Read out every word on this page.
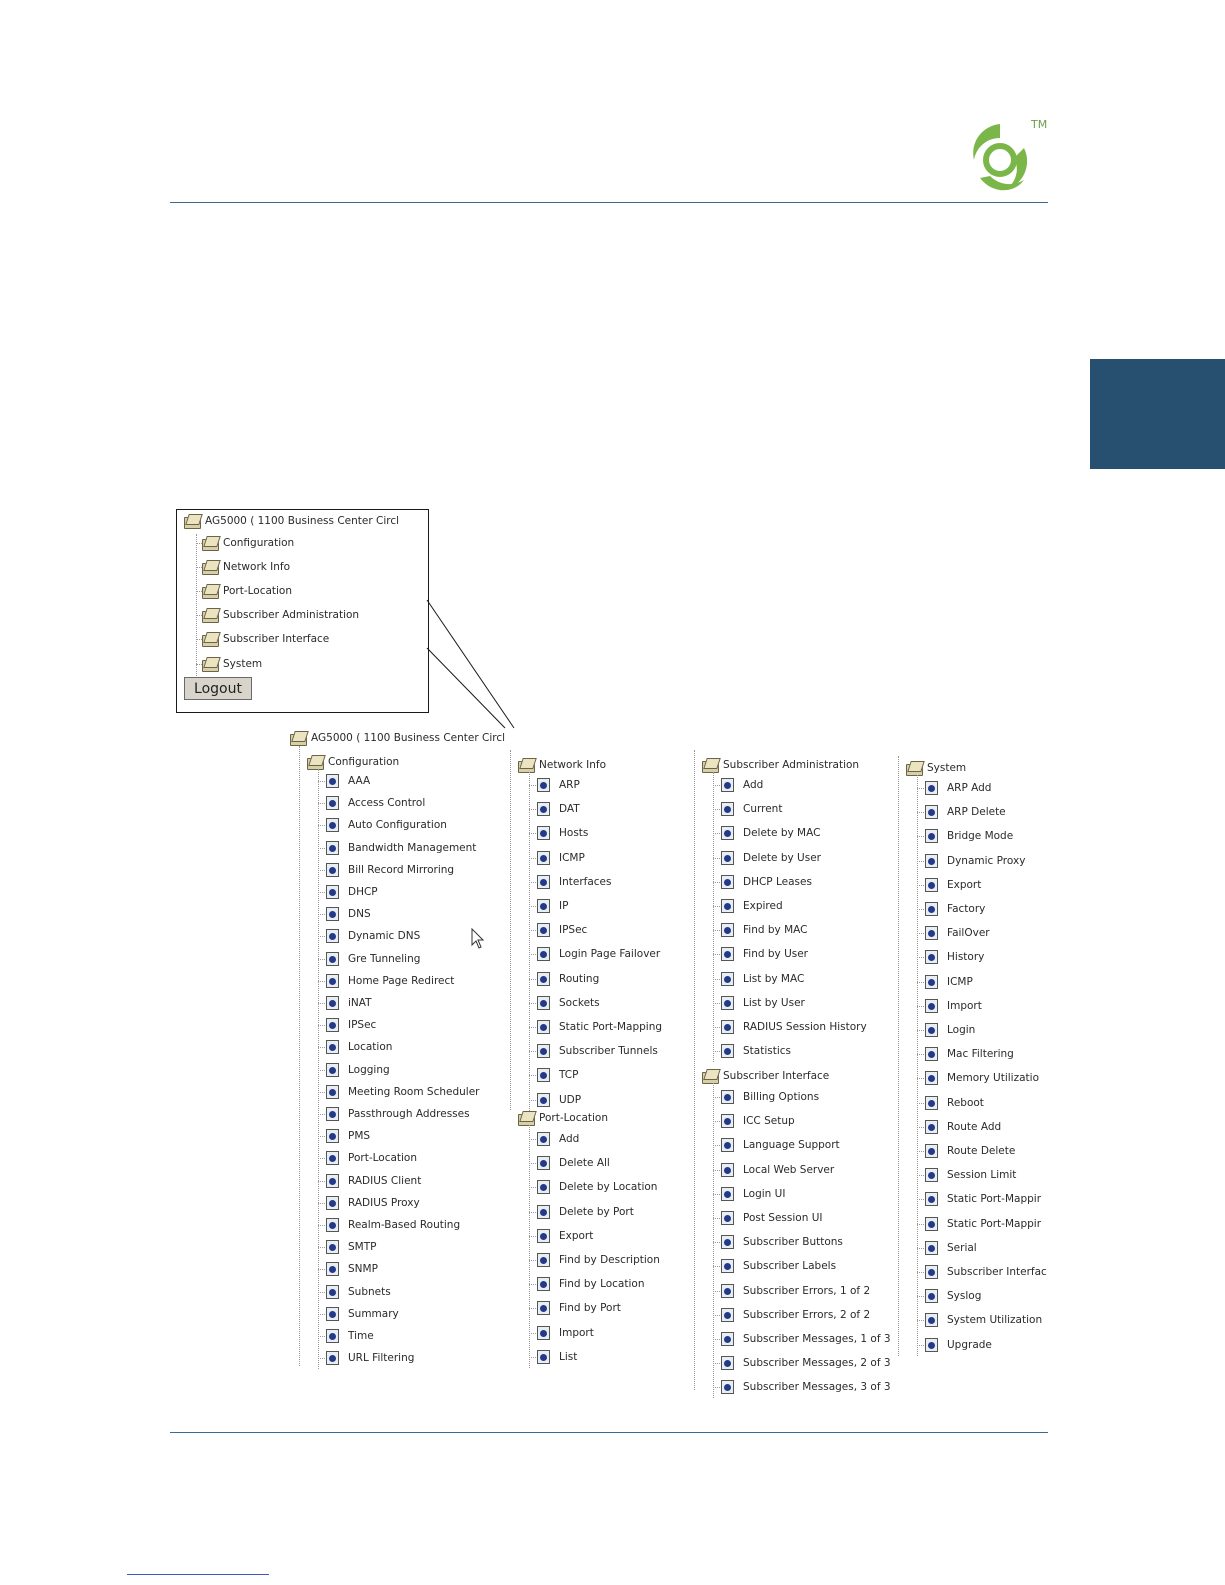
TM
AG5000 ( 1100 Business Center Circl
Configuration
Network Info
Port-Location
Subscriber Administration
Subscriber Interface
System
Logout
AG5000 ( 1100 Business Center Circl
Configuration
AAA
Access Control
Auto Configuration
Bandwidth Management
Bill Record Mirroring
DHCP
DNS
Dynamic DNS
Gre Tunneling
Home Page Redirect
iNAT
IPSec
Location
Logging
Meeting Room Scheduler
Passthrough Addresses
PMS
Port-Location
RADIUS Client
RADIUS Proxy
Realm-Based Routing
SMTP
SNMP
Subnets
Summary
Time
URL Filtering
Network Info
ARP
DAT
Hosts
ICMP
Interfaces
IP
IPSec
Login Page Failover
Routing
Sockets
Static Port-Mapping
Subscriber Tunnels
TCP
UDP
Port-Location
Add
Delete All
Delete by Location
Delete by Port
Export
Find by Description
Find by Location
Find by Port
Import
List
Subscriber Administration
Add
Current
Delete by MAC
Delete by User
DHCP Leases
Expired
Find by MAC
Find by User
List by MAC
List by User
RADIUS Session History
Statistics
Subscriber Interface
Billing Options
ICC Setup
Language Support
Local Web Server
Login UI
Post Session UI
Subscriber Buttons
Subscriber Labels
Subscriber Errors, 1 of 2
Subscriber Errors, 2 of 2
Subscriber Messages, 1 of 3
Subscriber Messages, 2 of 3
Subscriber Messages, 3 of 3
System
ARP Add
ARP Delete
Bridge Mode
Dynamic Proxy
Export
Factory
FailOver
History
ICMP
Import
Login
Mac Filtering
Memory Utilizatio
Reboot
Route Add
Route Delete
Session Limit
Static Port-Mappir
Static Port-Mappir
Serial
Subscriber Interfac
Syslog
System Utilization
Upgrade
